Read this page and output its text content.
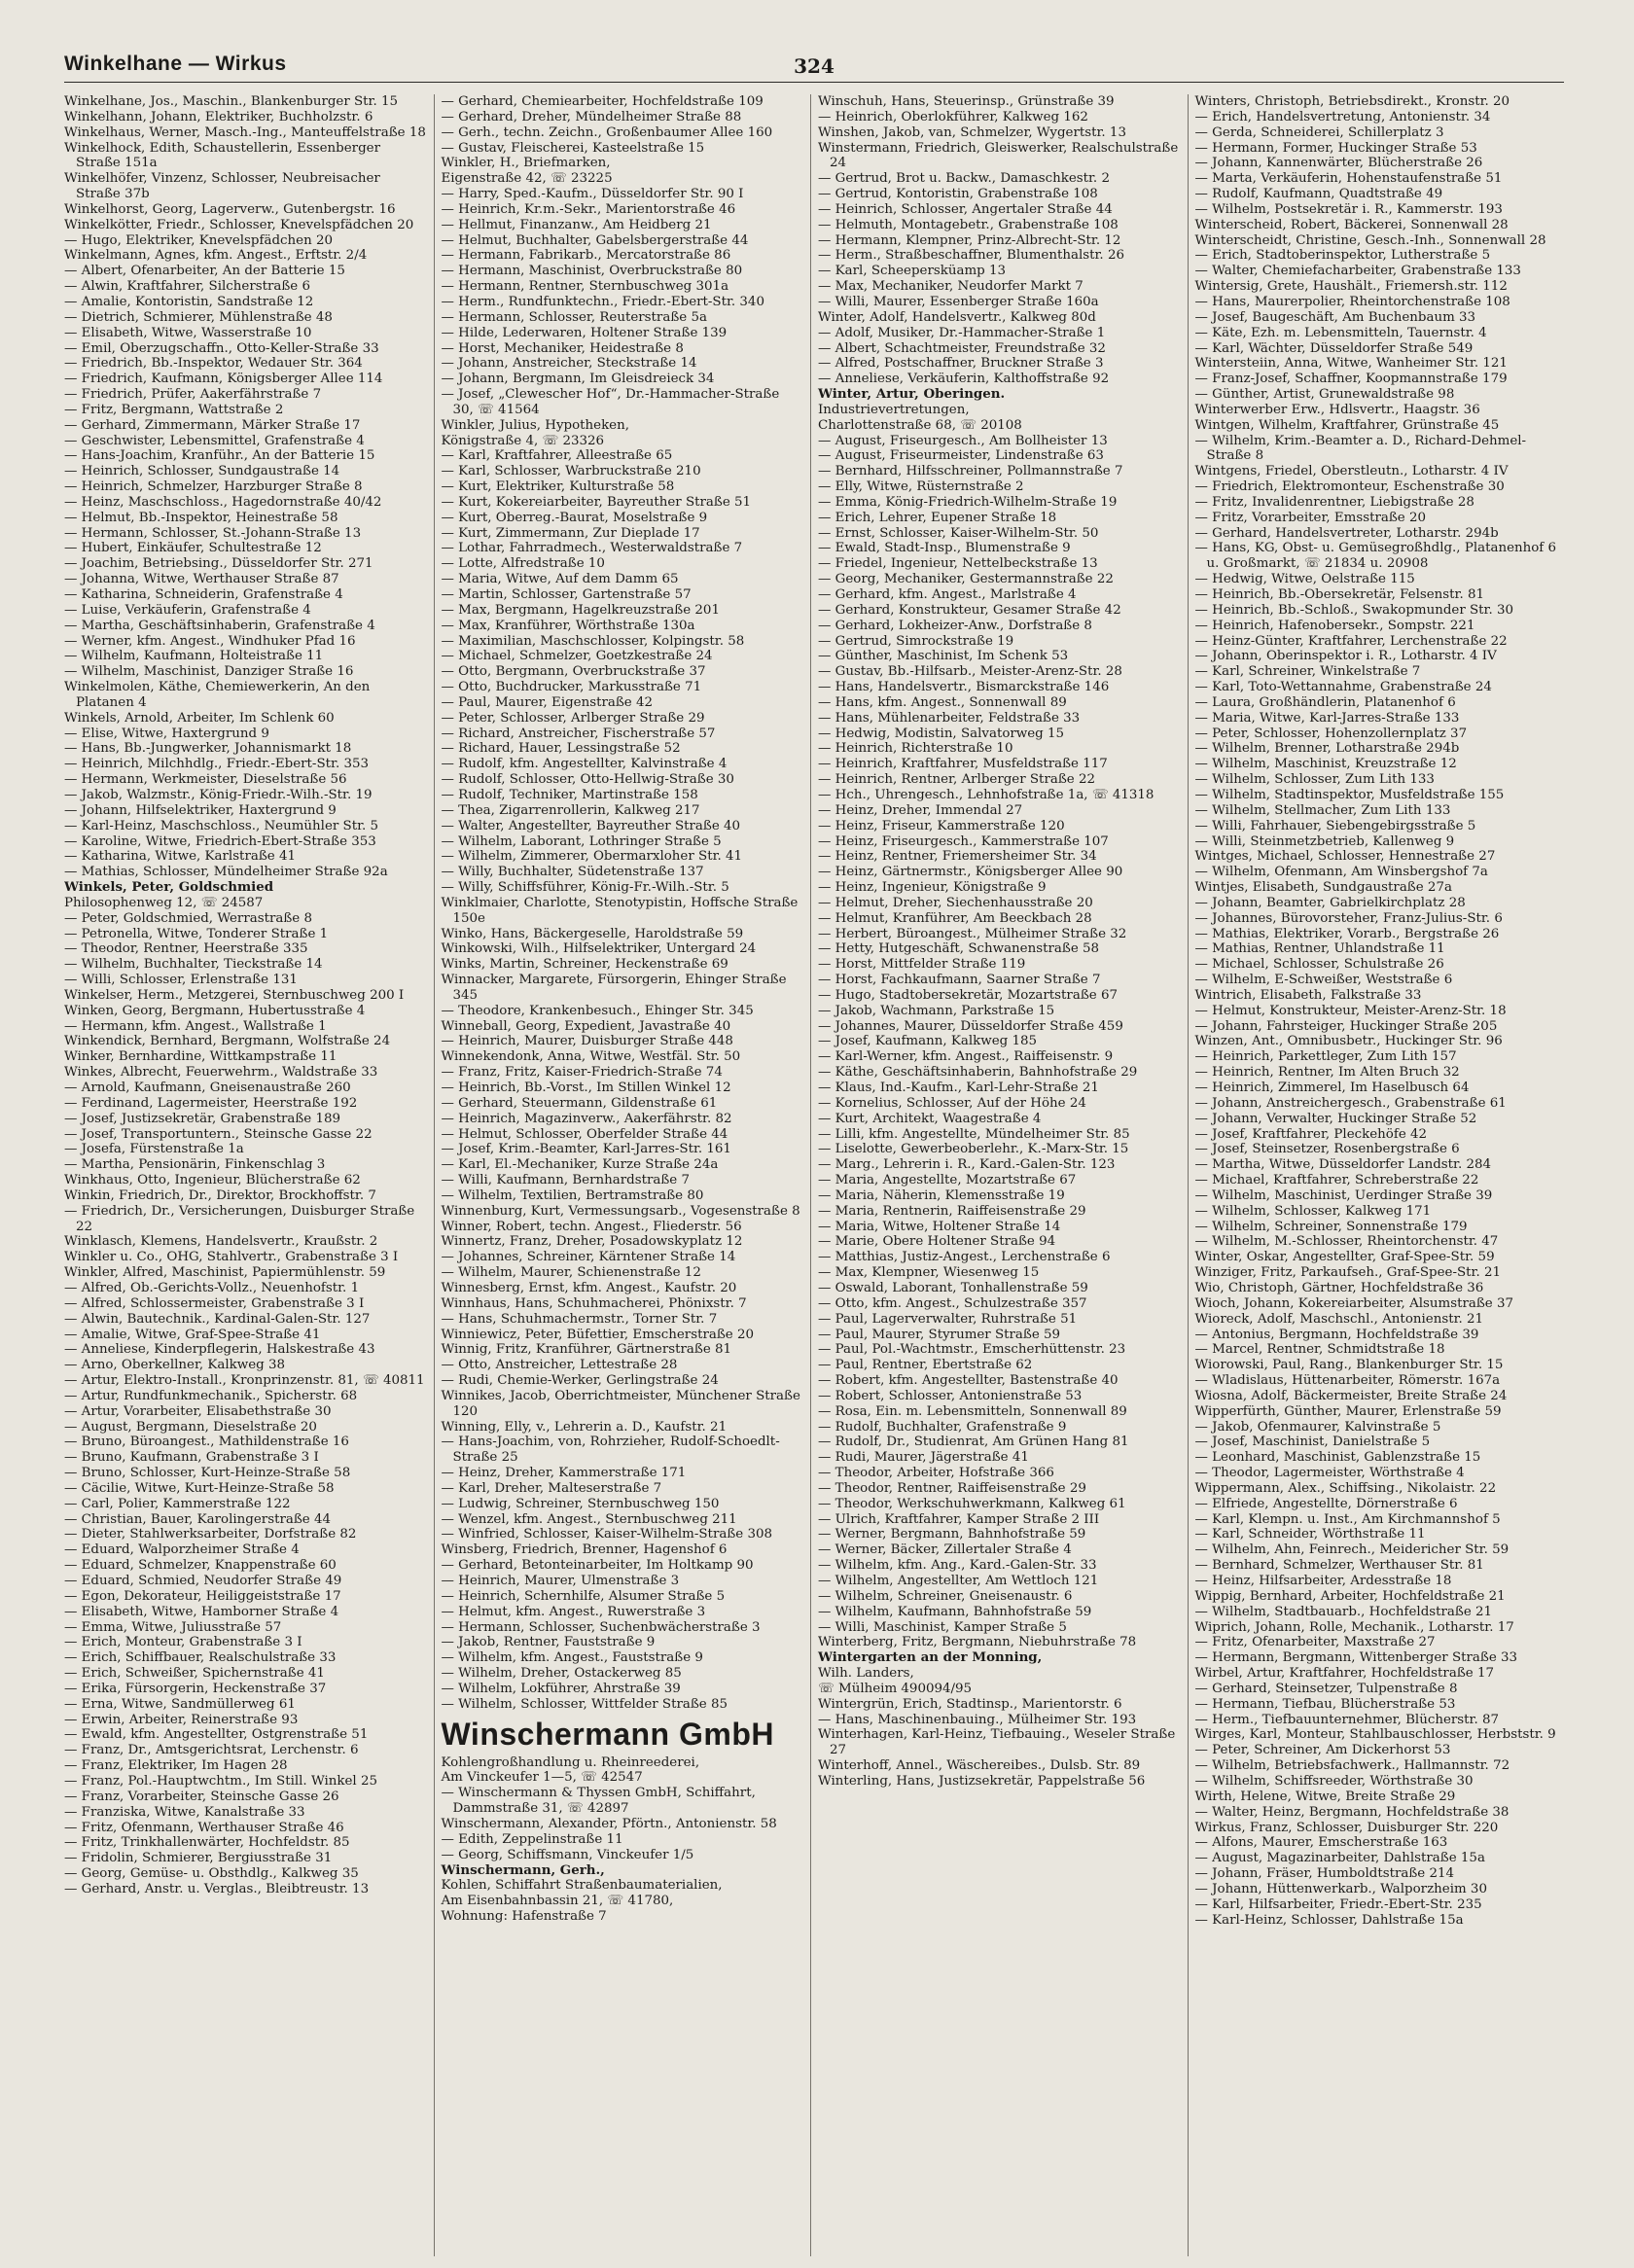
Winkelhane — Wirkus	324

Winkelhane, Jos., Maschin., Blankenburger Str. 15

Winkelhann, Johann, Elektriker, Buchholzstr. 6

Winkelhaus, Werner, Masch.-Ing., Manteuffelstraße 18

Winkelhock, Edith, Schaustellerin, Essenberger Straße 151a

Winkelhöfer, Vinzenz, Schlosser, Neubreisacher Straße 37b

Winkelhorst, Georg, Lagerverw., Gutenbergstr. 16

Winkelkötter, Friedr., Schlosser, Knevelspfädchen 20

— Hugo, Elektriker, Knevelspfädchen 20

Winkelmann, Agnes, kfm. Angest., Erftstr. 2/4

— Albert, Ofenarbeiter, An der Batterie 15

— Alwin, Kraftfahrer, Silcherstraße 6

— Amalie, Kontoristin, Sandstraße 12

— Dietrich, Schmierer, Mühlenstraße 48

— Elisabeth, Witwe, Wasserstraße 10

— Emil, Oberzugschaffn., Otto-Keller-Straße 33

— Friedrich, Bb.-Inspektor, Wedauer Str. 364

— Friedrich, Kaufmann, Königsberger Allee 114

— Friedrich, Prüfer, Aakerfährstraße 7

— Fritz, Bergmann, Wattstraße 2

— Gerhard, Zimmermann, Märker Straße 17

— Geschwister, Lebensmittel, Grafenstraße 4

— Hans-Joachim, Kranführ., An der Batterie 15

— Heinrich, Schlosser, Sundgaustraße 14

— Heinrich, Schmelzer, Harzburger Straße 8

— Heinz, Maschschloss., Hagedornstraße 40/42

— Helmut, Bb.-Inspektor, Heinestraße 58

— Hermann, Schlosser, St.-Johann-Straße 13

— Hubert, Einkäufer, Schultestraße 12

— Joachim, Betriebsing., Düsseldorfer Str. 271

— Johanna, Witwe, Werthauser Straße 87

— Katharina, Schneiderin, Grafenstraße 4

— Luise, Verkäuferin, Grafenstraße 4

— Martha, Geschäftsinhaberin, Grafenstraße 4

— Werner, kfm. Angest., Windhuker Pfad 16

— Wilhelm, Kaufmann, Holteistraße 11

— Wilhelm, Maschinist, Danziger Straße 16

Winkelmolen, Käthe, Chemiewerkerin, An den Platanen 4

Winkels, Arnold, Arbeiter, Im Schlenk 60

— Elise, Witwe, Haxtergrund 9

— Hans, Bb.-Jungwerker, Johannismarkt 18

— Heinrich, Milchhdlg., Friedr.-Ebert-Str. 353

— Hermann, Werkmeister, Dieselstraße 56

— Jakob, Walzmstr., König-Friedr.-Wilh.-Str. 19

— Johann, Hilfselektriker, Haxtergrund 9

— Karl-Heinz, Maschschloss., Neumühler Str. 5

— Karoline, Witwe, Friedrich-Ebert-Straße 353

— Katharina, Witwe, Karlstraße 41

— Mathias, Schlosser, Mündelheimer Straße 92a

Winkels, Peter, Goldschmied

Philosophenweg 12, ☏ 24587

— Peter, Goldschmied, Werrastraße 8

— Petronella, Witwe, Tonderer Straße 1

— Theodor, Rentner, Heerstraße 335

— Wilhelm, Buchhalter, Tieckstraße 14

— Willi, Schlosser, Erlenstraße 131

Winkelser, Herm., Metzgerei, Sternbuschweg 200 I

Winken, Georg, Bergmann, Hubertusstraße 4

— Hermann, kfm. Angest., Wallstraße 1

Winkendick, Bernhard, Bergmann, Wolfstraße 24

Winker, Bernhardine, Wittkampstraße 11

Winkes, Albrecht, Feuerwehrm., Waldstraße 33

— Arnold, Kaufmann, Gneisenaustraße 260

— Ferdinand, Lagermeister, Heerstraße 192

— Josef, Justizsekretär, Grabenstraße 189

— Josef, Transportuntern., Steinsche Gasse 22

— Josefa, Fürstenstraße 1a

— Martha, Pensionärin, Finkenschlag 3

Winkhaus, Otto, Ingenieur, Blücherstraße 62

Winkin, Friedrich, Dr., Direktor, Brockhoffstr. 7

— Friedrich, Dr., Versicherungen, Duisburger Straße 22

Winklasch, Klemens, Handelsvertr., Kraußstr. 2

Winkler u. Co., OHG, Stahlvertr., Grabenstraße 3 I

Winkler, Alfred, Maschinist, Papiermühlenstr. 59

— Alfred, Ob.-Gerichts-Vollz., Neuenhofstr. 1

— Alfred, Schlossermeister, Grabenstraße 3 I

— Alwin, Bautechnik., Kardinal-Galen-Str. 127

— Amalie, Witwe, Graf-Spee-Straße 41

— Anneliese, Kinderpflegerin, Halskestraße 43

— Arno, Oberkellner, Kalkweg 38

— Artur, Elektro-Install., Kronprinzenstr. 81, ☏ 40811

— Artur, Rundfunkmechanik., Spicherstr. 68

— Artur, Vorarbeiter, Elisabethstraße 30

— August, Bergmann, Dieselstraße 20

— Bruno, Büroangest., Mathildenstraße 16

— Bruno, Kaufmann, Grabenstraße 3 I

— Bruno, Schlosser, Kurt-Heinze-Straße 58

— Cäcilie, Witwe, Kurt-Heinze-Straße 58

— Carl, Polier, Kammerstraße 122

— Christian, Bauer, Karolingerstraße 44

— Dieter, Stahlwerksarbeiter, Dorfstraße 82

— Eduard, Walporzheimer Straße 4

— Eduard, Schmelzer, Knappenstraße 60

— Eduard, Schmied, Neudorfer Straße 49

— Egon, Dekorateur, Heiliggeiststraße 17

— Elisabeth, Witwe, Hamborner Straße 4

— Emma, Witwe, Juliusstraße 57

— Erich, Monteur, Grabenstraße 3 I

— Erich, Schiffbauer, Realschulstraße 33

— Erich, Schweißer, Spichernstraße 41

— Erika, Fürsorgerin, Heckenstraße 37

— Erna, Witwe, Sandmüllerweg 61

— Erwin, Arbeiter, Reinerstraße 93

— Ewald, kfm. Angestellter, Ostgrenstraße 51

— Franz, Dr., Amtsgerichtsrat, Lerchenstr. 6

— Franz, Elektriker, Im Hagen 28

— Franz, Pol.-Hauptwchtm., Im Still. Winkel 25

— Franz, Vorarbeiter, Steinsche Gasse 26

— Franziska, Witwe, Kanalstraße 33

— Fritz, Ofenmann, Werthauser Straße 46

— Fritz, Trinkhallenwärter, Hochfeldstr. 85

— Fridolin, Schmierer, Bergiusstraße 31

— Georg, Gemüse- u. Obsthdlg., Kalkweg 35

— Gerhard, Anstr. u. Verglas., Bleibtreustr. 13

— Gerhard, Chemiearbeiter, Hochfeldstraße 109

— Gerhard, Dreher, Mündelheimer Straße 88

— Gerh., techn. Zeichn., Großenbaumer Allee 160

— Gustav, Fleischerei, Kasteelstraße 15

Winkler, H., Briefmarken,

Eigenstraße 42, ☏ 23225

— Harry, Sped.-Kaufm., Düsseldorfer Str. 90 I

— Heinrich, Kr.m.-Sekr., Marientorstraße 46

— Hellmut, Finanzanw., Am Heidberg 21

— Helmut, Buchhalter, Gabelsbergerstraße 44

— Hermann, Fabrikarb., Mercatorstraße 86

— Hermann, Maschinist, Overbruckstraße 80

— Hermann, Rentner, Sternbuschweg 301a

— Herm., Rundfunktechn., Friedr.-Ebert-Str. 340

— Hermann, Schlosser, Reuterstraße 5a

— Hilde, Lederwaren, Holtener Straße 139

— Horst, Mechaniker, Heidestraße 8

— Johann, Anstreicher, Steckstraße 14

— Johann, Bergmann, Im Gleisdreieck 34

— Josef, „Clewescher Hof“, Dr.-Hammacher-Straße 30, ☏ 41564

Winkler, Julius, Hypotheken,

Königstraße 4, ☏ 23326

— Karl, Kraftfahrer, Alleestraße 65

— Karl, Schlosser, Warbruckstraße 210

— Kurt, Elektriker, Kulturstraße 58

— Kurt, Kokereiarbeiter, Bayreuther Straße 51

— Kurt, Oberreg.-Baurat, Moselstraße 9

— Kurt, Zimmermann, Zur Dieplade 17

— Lothar, Fahrradmech., Westerwaldstraße 7

— Lotte, Alfredstraße 10

— Maria, Witwe, Auf dem Damm 65

— Martin, Schlosser, Gartenstraße 57

— Max, Bergmann, Hagelkreuzstraße 201

— Max, Kranführer, Wörthstraße 130a

— Maximilian, Maschschlosser, Kolpingstr. 58

— Michael, Schmelzer, Goetzkestraße 24

— Otto, Bergmann, Overbruckstraße 37

— Otto, Buchdrucker, Markusstraße 71

— Paul, Maurer, Eigenstraße 42

— Peter, Schlosser, Arlberger Straße 29

— Richard, Anstreicher, Fischerstraße 57

— Richard, Hauer, Lessingstraße 52

— Rudolf, kfm. Angestellter, Kalvinstraße 4

— Rudolf, Schlosser, Otto-Hellwig-Straße 30

— Rudolf, Techniker, Martinstraße 158

— Thea, Zigarrenrollerin, Kalkweg 217

— Walter, Angestellter, Bayreuther Straße 40

— Wilhelm, Laborant, Lothringer Straße 5

— Wilhelm, Zimmerer, Obermarxloher Str. 41

— Willy, Buchhalter, Südetenstraße 137

— Willy, Schiffsführer, König-Fr.-Wilh.-Str. 5

Winklmaier, Charlotte, Stenotypistin, Hoffsche Straße 150e

Winko, Hans, Bäckergeselle, Haroldstraße 59

Winkowski, Wilh., Hilfselektriker, Untergard 24

Winks, Martin, Schreiner, Heckenstraße 69

Winnacker, Margarete, Fürsorgerin, Ehinger Straße 345

— Theodore, Krankenbesuch., Ehinger Str. 345

Winneball, Georg, Expedient, Javastraße 40

— Heinrich, Maurer, Duisburger Straße 448

Winnekendonk, Anna, Witwe, Westfäl. Str. 50

— Franz, Fritz, Kaiser-Friedrich-Straße 74

— Heinrich, Bb.-Vorst., Im Stillen Winkel 12

— Gerhard, Steuermann, Gildenstraße 61

— Heinrich, Magazinverw., Aakerfährstr. 82

— Helmut, Schlosser, Oberfelder Straße 44

— Josef, Krim.-Beamter, Karl-Jarres-Str. 161

— Karl, El.-Mechaniker, Kurze Straße 24a

— Willi, Kaufmann, Bernhardstraße 7

— Wilhelm, Textilien, Bertramstraße 80

Winnenburg, Kurt, Vermessungsarb., Vogesenstraße 8

Winner, Robert, techn. Angest., Fliederstr. 56

Winnertz, Franz, Dreher, Posadowskyplatz 12

— Johannes, Schreiner, Kärntener Straße 14

— Wilhelm, Maurer, Schienenstraße 12

Winnesberg, Ernst, kfm. Angest., Kaufstr. 20

Winnhaus, Hans, Schuhmacherei, Phönixstr. 7

— Hans, Schuhmachermstr., Torner Str. 7

Winniewicz, Peter, Büfettier, Emscherstraße 20

Winnig, Fritz, Kranführer, Gärtnerstraße 81

— Otto, Anstreicher, Lettestraße 28

— Rudi, Chemie-Werker, Gerlingstraße 24

Winnikes, Jacob, Oberrichtmeister, Münchener Straße 120

Winning, Elly, v., Lehrerin a. D., Kaufstr. 21

— Hans-Joachim, von, Rohrzieher, Rudolf-Schoedlt-Straße 25

— Heinz, Dreher, Kammerstraße 171

— Karl, Dreher, Malteserstraße 7

— Ludwig, Schreiner, Sternbuschweg 150

— Wenzel, kfm. Angest., Sternbuschweg 211

— Winfried, Schlosser, Kaiser-Wilhelm-Straße 308

Winsberg, Friedrich, Brenner, Hagenshof 6

— Gerhard, Betonteinarbeiter, Im Holtkamp 90

— Heinrich, Maurer, Ulmenstraße 3

— Heinrich, Schernhilfe, Alsumer Straße 5

— Helmut, kfm. Angest., Ruwerstraße 3

— Hermann, Schlosser, Suchenbwächerstraße 3

— Jakob, Rentner, Fauststraße 9

— Wilhelm, kfm. Angest., Fauststraße 9

— Wilhelm, Dreher, Ostackerweg 85

— Wilhelm, Lokführer, Ahrstraße 39

— Wilhelm, Schlosser, Wittfelder Straße 85

Winschermann GmbH

Kohlengroßhandlung u. Rheinreederei,

Am Vinckeufer 1—5, ☏ 42547

— Winschermann & Thyssen GmbH, Schiffahrt, Dammstraße 31, ☏ 42897

Winschermann, Alexander, Pförtn., Antonienstr. 58

— Edith, Zeppelinstraße 11

— Georg, Schiffsmann, Vinckeufer 1/5

Winschermann, Gerh.,

Kohlen, Schiffahrt Straßenbaumaterialien,

Am Eisenbahnbassin 21, ☏ 41780,

Wohnung: Hafenstraße 7

Winschuh, Hans, Steuerinsp., Grünstraße 39

— Heinrich, Oberlokführer, Kalkweg 162

Winshen, Jakob, van, Schmelzer, Wygertstr. 13

Winstermann, Friedrich, Gleiswerker, Realschulstraße 24

— Gertrud, Brot u. Backw., Damaschkestr. 2

— Gertrud, Kontoristin, Grabenstraße 108

— Heinrich, Schlosser, Angertaler Straße 44

— Helmuth, Montagebetr., Grabenstraße 108

— Hermann, Klempner, Prinz-Albrecht-Str. 12

— Herm., Straßbeschaffner, Blumenthalstr. 26

— Karl, Scheepersküamp 13

— Max, Mechaniker, Neudorfer Markt 7

— Willi, Maurer, Essenberger Straße 160a

Winter, Adolf, Handelsvertr., Kalkweg 80d

— Adolf, Musiker, Dr.-Hammacher-Straße 1

— Albert, Schachtmeister, Freundstraße 32

— Alfred, Postschaffner, Bruckner Straße 3

— Anneliese, Verkäuferin, Kalthoffstraße 92

Winter, Artur, Oberingen.

Industrievertretungen,

Charlottenstraße 68, ☏ 20108

— August, Friseurgesch., Am Bollheister 13

— August, Friseurmeister, Lindenstraße 63

— Bernhard, Hilfsschreiner, Pollmannstraße 7

— Elly, Witwe, Rüsternstraße 2

— Emma, König-Friedrich-Wilhelm-Straße 19

— Erich, Lehrer, Eupener Straße 18

— Ernst, Schlosser, Kaiser-Wilhelm-Str. 50

— Ewald, Stadt-Insp., Blumenstraße 9

— Friedel, Ingenieur, Nettelbeckstraße 13

— Georg, Mechaniker, Gestermannstraße 22

— Gerhard, kfm. Angest., Marlstraße 4

— Gerhard, Konstrukteur, Gesamer Straße 42

— Gerhard, Lokheizer-Anw., Dorfstraße 8

— Gertrud, Simrockstraße 19

— Günther, Maschinist, Im Schenk 53

— Gustav, Bb.-Hilfsarb., Meister-Arenz-Str. 28

— Hans, Handelsvertr., Bismarckstraße 146

— Hans, kfm. Angest., Sonnenwall 89

— Hans, Mühlenarbeiter, Feldstraße 33

— Hedwig, Modistin, Salvatorweg 15

— Heinrich, Richterstraße 10

— Heinrich, Kraftfahrer, Musfeldstraße 117

— Heinrich, Rentner, Arlberger Straße 22

— Hch., Uhrengesch., Lehnhofstraße 1a, ☏ 41318

— Heinz, Dreher, Immendal 27

— Heinz, Friseur, Kammerstraße 120

— Heinz, Friseurgesch., Kammerstraße 107

— Heinz, Rentner, Friemersheimer Str. 34

— Heinz, Gärtnermstr., Königsberger Allee 90

— Heinz, Ingenieur, Königstraße 9

— Helmut, Dreher, Siechenhausstraße 20

— Helmut, Kranführer, Am Beeckbach 28

— Herbert, Büroangest., Mülheimer Straße 32

— Hetty, Hutgeschäft, Schwanenstraße 58

— Horst, Mittfelder Straße 119

— Horst, Fachkaufmann, Saarner Straße 7

— Hugo, Stadtobersekretär, Mozartstraße 67

— Jakob, Wachmann, Parkstraße 15

— Johannes, Maurer, Düsseldorfer Straße 459

— Josef, Kaufmann, Kalkweg 185

— Karl-Werner, kfm. Angest., Raiffeisenstr. 9

— Käthe, Geschäftsinhaberin, Bahnhofstraße 29

— Klaus, Ind.-Kaufm., Karl-Lehr-Straße 21

— Kornelius, Schlosser, Auf der Höhe 24

— Kurt, Architekt, Waagestraße 4

— Lilli, kfm. Angestellte, Mündelheimer Str. 85

— Liselotte, Gewerbeoberlehr., K.-Marx-Str. 15

— Marg., Lehrerin i. R., Kard.-Galen-Str. 123

— Maria, Angestellte, Mozartstraße 67

— Maria, Näherin, Klemensstraße 19

— Maria, Rentnerin, Raiffeisenstraße 29

— Maria, Witwe, Holtener Straße 14

— Marie, Obere Holtener Straße 94

— Matthias, Justiz-Angest., Lerchenstraße 6

— Max, Klempner, Wiesenweg 15

— Oswald, Laborant, Tonhallenstraße 59

— Otto, kfm. Angest., Schulzestraße 357

— Paul, Lagerverwalter, Ruhrstraße 51

— Paul, Maurer, Styrumer Straße 59

— Paul, Pol.-Wachtmstr., Emscherhüttenstr. 23

— Paul, Rentner, Ebertstraße 62

— Robert, kfm. Angestellter, Bastenstraße 40

— Robert, Schlosser, Antonienstraße 53

— Rosa, Ein. m. Lebensmitteln, Sonnenwall 89

— Rudolf, Buchhalter, Grafenstraße 9

— Rudolf, Dr., Studienrat, Am Grünen Hang 81

— Rudi, Maurer, Jägerstraße 41

— Theodor, Arbeiter, Hofstraße 366

— Theodor, Rentner, Raiffeisenstraße 29

— Theodor, Werkschuhwerkmann, Kalkweg 61

— Ulrich, Kraftfahrer, Kamper Straße 2 III

— Werner, Bergmann, Bahnhofstraße 59

— Werner, Bäcker, Zillertaler Straße 4

— Wilhelm, kfm. Ang., Kard.-Galen-Str. 33

— Wilhelm, Angestellter, Am Wettloch 121

— Wilhelm, Schreiner, Gneisenaustr. 6

— Wilhelm, Kaufmann, Bahnhofstraße 59

— Willi, Maschinist, Kamper Straße 5

Winterberg, Fritz, Bergmann, Niebuhrstraße 78

Wintergarten an der Monning,

Wilh. Landers,

☏ Mülheim 490094/95

Wintergrün, Erich, Stadtinsp., Marientorstr. 6

— Hans, Maschinenbauing., Mülheimer Str. 193

Winterhagen, Karl-Heinz, Tiefbauing., Weseler Straße 27

Winterhoff, Annel., Wäschereibes., Dulsb. Str. 89

Winterling, Hans, Justizsekretär, Pappelstraße 56

Winters, Christoph, Betriebsdirekt., Kronstr. 20

— Erich, Handelsvertretung, Antonienstr. 34

— Gerda, Schneiderei, Schillerplatz 3

— Hermann, Former, Huckinger Straße 53

— Johann, Kannenwärter, Blücherstraße 26

— Marta, Verkäuferin, Hohenstaufenstraße 51

— Rudolf, Kaufmann, Quadtstraße 49

— Wilhelm, Postsekretär i. R., Kammerstr. 193

Winterscheid, Robert, Bäckerei, Sonnenwall 28

Winterscheidt, Christine, Gesch.-Inh., Sonnenwall 28

— Erich, Stadtoberinspektor, Lutherstraße 5

— Walter, Chemiefacharbeiter, Grabenstraße 133

Wintersig, Grete, Haushält., Friemersh.str. 112

— Hans, Maurerpolier, Rheintorchenstraße 108

— Josef, Baugeschäft, Am Buchenbaum 33

— Käte, Ezh. m. Lebensmitteln, Tauernstr. 4

— Karl, Wächter, Düsseldorfer Straße 549

Wintersteiin, Anna, Witwe, Wanheimer Str. 121

— Franz-Josef, Schaffner, Koopmannstraße 179

— Günther, Artist, Grunewaldstraße 98

Winterwerber Erw., Hdlsvertr., Haagstr. 36

Wintgen, Wilhelm, Kraftfahrer, Grünstraße 45

— Wilhelm, Krim.-Beamter a. D., Richard-Dehmel-Straße 8

Wintgens, Friedel, Oberstleutn., Lotharstr. 4 IV

— Friedrich, Elektromonteur, Eschenstraße 30

— Fritz, Invalidenrentner, Liebigstraße 28

— Fritz, Vorarbeiter, Emsstraße 20

— Gerhard, Handelsvertreter, Lotharstr. 294b

— Hans, KG, Obst- u. Gemüsegroßhdlg., Platanenhof 6 u. Großmarkt, ☏ 21834 u. 20908

— Hedwig, Witwe, Oelstraße 115

— Heinrich, Bb.-Obersekretär, Felsenstr. 81

— Heinrich, Bb.-Schloß., Swakopmunder Str. 30

— Heinrich, Hafenobersekr., Sompstr. 221

— Heinz-Günter, Kraftfahrer, Lerchenstraße 22

— Johann, Oberinspektor i. R., Lotharstr. 4 IV

— Karl, Schreiner, Winkelstraße 7

— Karl, Toto-Wettannahme, Grabenstraße 24

— Laura, Großhändlerin, Platanenhof 6

— Maria, Witwe, Karl-Jarres-Straße 133

— Peter, Schlosser, Hohenzollernplatz 37

— Wilhelm, Brenner, Lotharstraße 294b

— Wilhelm, Maschinist, Kreuzstraße 12

— Wilhelm, Schlosser, Zum Lith 133

— Wilhelm, Stadtinspektor, Musfeldstraße 155

— Wilhelm, Stellmacher, Zum Lith 133

— Willi, Fahrhauer, Siebengebirgsstraße 5

— Willi, Steinmetzbetrieb, Kallenweg 9

Wintges, Michael, Schlosser, Hennestraße 27

— Wilhelm, Ofenmann, Am Winsbergshof 7a

Wintjes, Elisabeth, Sundgaustraße 27a

— Johann, Beamter, Gabrielkirchplatz 28

— Johannes, Bürovorsteher, Franz-Julius-Str. 6

— Mathias, Elektriker, Vorarb., Bergstraße 26

— Mathias, Rentner, Uhlandstraße 11

— Michael, Schlosser, Schulstraße 26

— Wilhelm, E-Schweißer, Weststraße 6

Wintrich, Elisabeth, Falkstraße 33

— Helmut, Konstrukteur, Meister-Arenz-Str. 18

— Johann, Fahrsteiger, Huckinger Straße 205

Winzen, Ant., Omnibusbetr., Huckinger Str. 96

— Heinrich, Parkettleger, Zum Lith 157

— Heinrich, Rentner, Im Alten Bruch 32

— Heinrich, Zimmerel, Im Haselbusch 64

— Johann, Anstreichergesch., Grabenstraße 61

— Johann, Verwalter, Huckinger Straße 52

— Josef, Kraftfahrer, Pleckehöfe 42

— Josef, Steinsetzer, Rosenbergstraße 6

— Martha, Witwe, Düsseldorfer Landstr. 284

— Michael, Kraftfahrer, Schreberstraße 22

— Wilhelm, Maschinist, Uerdinger Straße 39

— Wilhelm, Schlosser, Kalkweg 171

— Wilhelm, Schreiner, Sonnenstraße 179

— Wilhelm, M.-Schlosser, Rheintorchenstr. 47

Winter, Oskar, Angestellter, Graf-Spee-Str. 59

Winziger, Fritz, Parkaufseh., Graf-Spee-Str. 21

Wio, Christoph, Gärtner, Hochfeldstraße 36

Wioch, Johann, Kokereiarbeiter, Alsumstraße 37

Wioreck, Adolf, Maschschl., Antonienstr. 21

— Antonius, Bergmann, Hochfeldstraße 39

— Marcel, Rentner, Schmidtstraße 18

Wiorowski, Paul, Rang., Blankenburger Str. 15

— Wladislaus, Hüttenarbeiter, Römerstr. 167a

Wiosna, Adolf, Bäckermeister, Breite Straße 24

Wipperfürth, Günther, Maurer, Erlenstraße 59

— Jakob, Ofenmaurer, Kalvinstraße 5

— Josef, Maschinist, Danielstraße 5

— Leonhard, Maschinist, Gablenzstraße 15

— Theodor, Lagermeister, Wörthstraße 4

Wippermann, Alex., Schiffsing., Nikolaistr. 22

— Elfriede, Angestellte, Dörnerstraße 6

— Karl, Klempn. u. Inst., Am Kirchmannshof 5

— Karl, Schneider, Wörthstraße 11

— Wilhelm, Ahn, Feinrech., Meidericher Str. 59

— Bernhard, Schmelzer, Werthauser Str. 81

— Heinz, Hilfsarbeiter, Ardesstraße 18

Wippig, Bernhard, Arbeiter, Hochfeldstraße 21

— Wilhelm, Stadtbauarb., Hochfeldstraße 21

Wiprich, Johann, Rolle, Mechanik., Lotharstr. 17

— Fritz, Ofenarbeiter, Maxstraße 27

— Hermann, Bergmann, Wittenberger Straße 33

Wirbel, Artur, Kraftfahrer, Hochfeldstraße 17

— Gerhard, Steinsetzer, Tulpenstraße 8

— Hermann, Tiefbau, Blücherstraße 53

— Herm., Tiefbauunternehmer, Blücherstr. 87

Wirges, Karl, Monteur, Stahlbauschlosser, Herbststr. 9

— Peter, Schreiner, Am Dickerhorst 53

— Wilhelm, Betriebsfachwerk., Hallmannstr. 72

— Wilhelm, Schiffsreeder, Wörthstraße 30

Wirth, Helene, Witwe, Breite Straße 29

— Walter, Heinz, Bergmann, Hochfeldstraße 38

Wirkus, Franz, Schlosser, Duisburger Str. 220

— Alfons, Maurer, Emscherstraße 163

— August, Magazinarbeiter, Dahlstraße 15a

— Johann, Fräser, Humboldtstraße 214

— Johann, Hüttenwerkarb., Walporzheim 30

— Karl, Hilfsarbeiter, Friedr.-Ebert-Str. 235

— Karl-Heinz, Schlosser, Dahlstraße 15a
